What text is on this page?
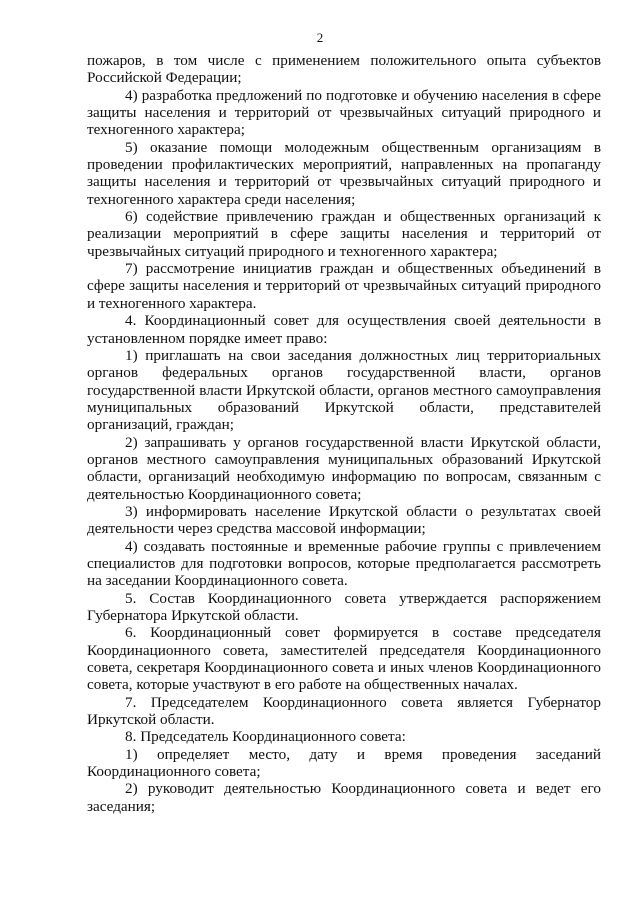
2

пожаров, в том числе с применением положительного опыта субъектов Российской Федерации;

4) разработка предложений по подготовке и обучению населения в сфере защиты населения и территорий от чрезвычайных ситуаций природного и техногенного характера;

5) оказание помощи молодежным общественным организациям в проведении профилактических мероприятий, направленных на пропаганду защиты населения и территорий от чрезвычайных ситуаций природного и техногенного характера среди населения;

6) содействие привлечению граждан и общественных организаций к реализации мероприятий в сфере защиты населения и территорий от чрезвычайных ситуаций природного и техногенного характера;

7) рассмотрение инициатив граждан и общественных объединений в сфере защиты населения и территорий от чрезвычайных ситуаций природного и техногенного характера.

4. Координационный совет для осуществления своей деятельности в установленном порядке имеет право:

1) приглашать на свои заседания должностных лиц территориальных органов федеральных органов государственной власти, органов государственной власти Иркутской области, органов местного самоуправления муниципальных образований Иркутской области, представителей организаций, граждан;

2) запрашивать у органов государственной власти Иркутской области, органов местного самоуправления муниципальных образований Иркутской области, организаций необходимую информацию по вопросам, связанным с деятельностью Координационного совета;

3) информировать население Иркутской области о результатах своей деятельности через средства массовой информации;

4) создавать постоянные и временные рабочие группы с привлечением специалистов для подготовки вопросов, которые предполагается рассмотреть на заседании Координационного совета.

5. Состав Координационного совета утверждается распоряжением Губернатора Иркутской области.

6. Координационный совет формируется в составе председателя Координационного совета, заместителей председателя Координационного совета, секретаря Координационного совета и иных членов Координационного совета, которые участвуют в его работе на общественных началах.

7. Председателем Координационного совета является Губернатор Иркутской области.

8. Председатель Координационного совета:

1) определяет место, дату и время проведения заседаний Координационного совета;

2) руководит деятельностью Координационного совета и ведет его заседания;
